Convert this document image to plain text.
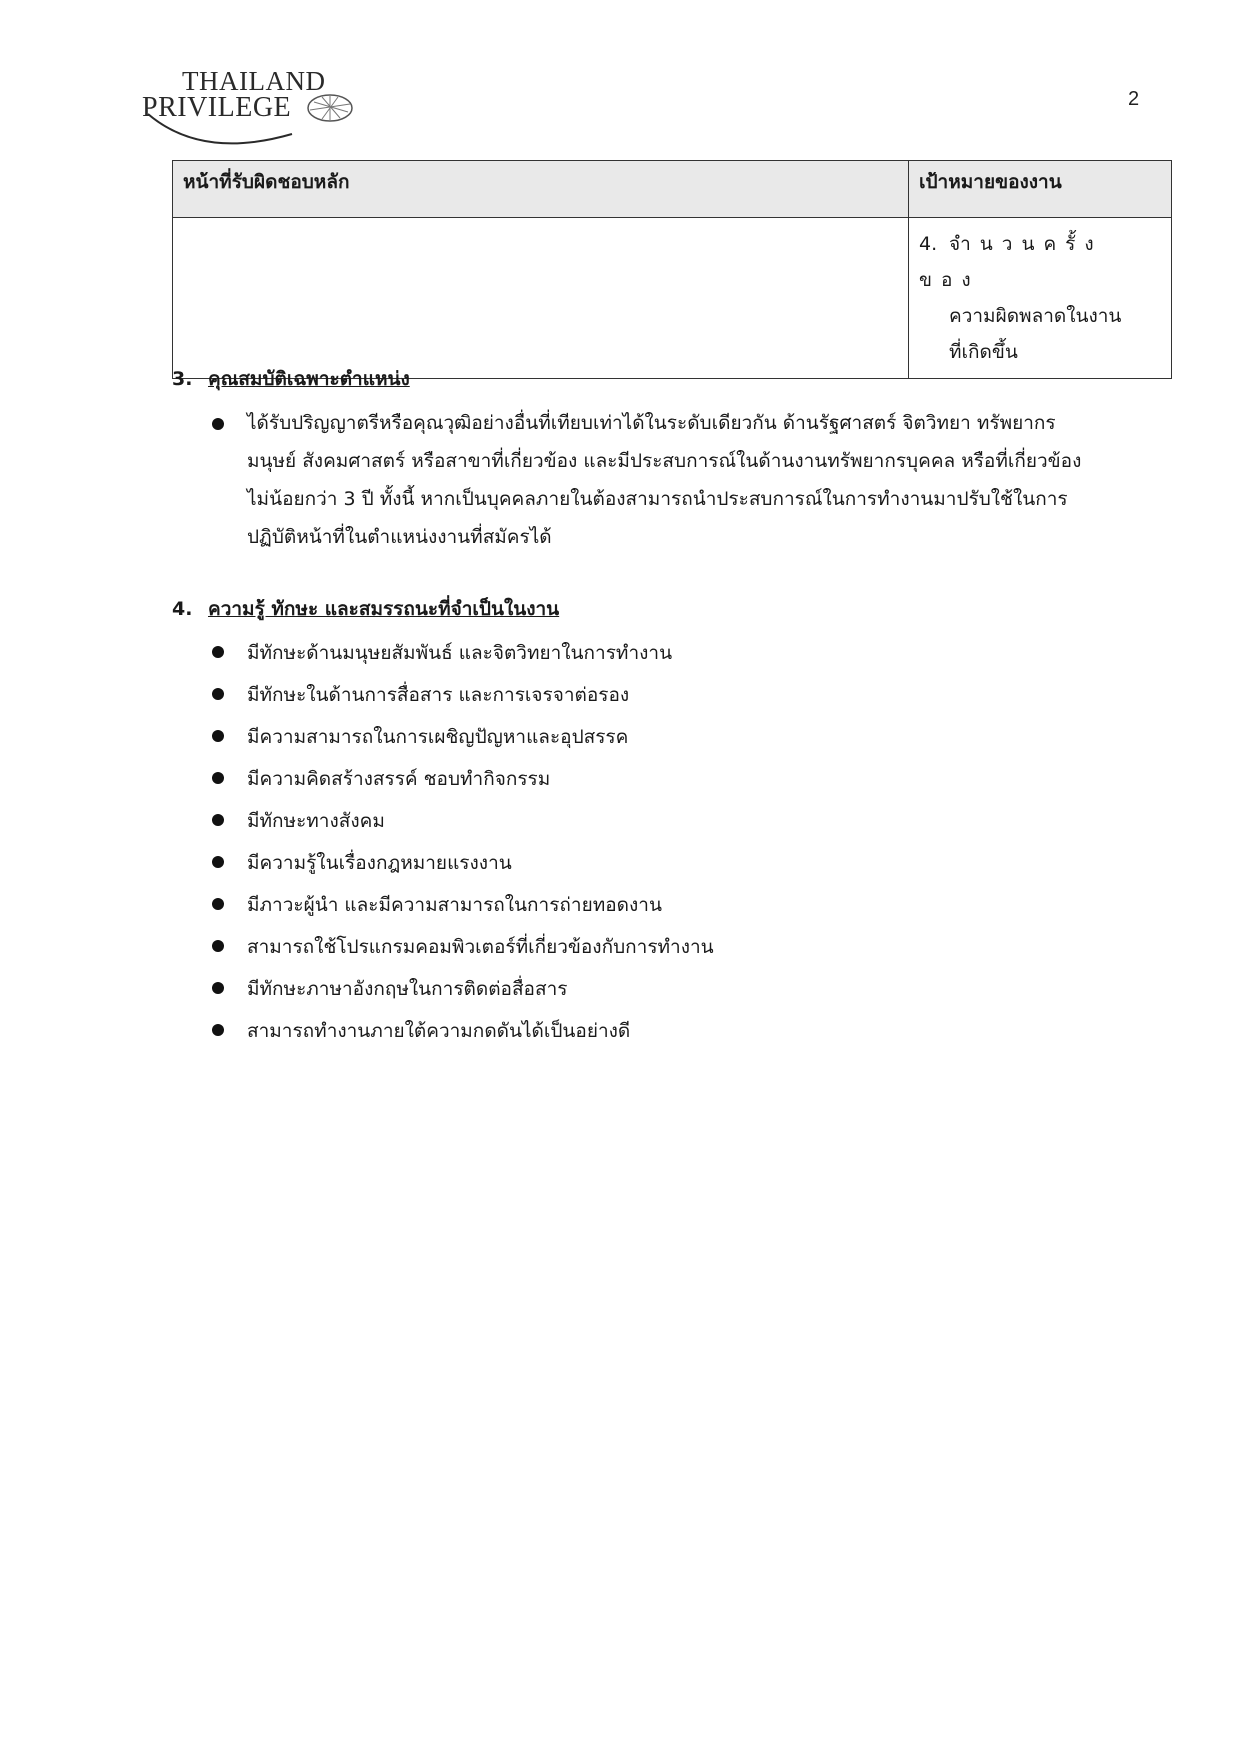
THAILAND
PRIVILEGE	2
หน้าที่รับผิดชอบหลัก	เป้าหมายของงาน

	4. จำนวนครั้งของ
ความผิดพลาดในงาน
ที่เกิดขึ้น
3. คุณสมบัติเฉพาะตำแหน่ง
ได้รับปริญญาตรีหรือคุณวุฒิอย่างอื่นที่เทียบเท่าได้ในระดับเดียวกัน ด้านรัฐศาสตร์ จิตวิทยา ทรัพยากร
มนุษย์ สังคมศาสตร์ หรือสาขาที่เกี่ยวข้อง และมีประสบการณ์ในด้านงานทรัพยากรบุคคล หรือที่เกี่ยวข้อง
ไม่น้อยกว่า 3 ปี ทั้งนี้ หากเป็นบุคคลภายในต้องสามารถนำประสบการณ์ในการทำงานมาปรับใช้ในการ
ปฏิบัติหน้าที่ในตำแหน่งงานที่สมัครได้
4. ความรู้ ทักษะ และสมรรถนะที่จำเป็นในงาน
มีทักษะด้านมนุษยสัมพันธ์ และจิตวิทยาในการทำงาน
มีทักษะในด้านการสื่อสาร และการเจรจาต่อรอง
มีความสามารถในการเผชิญปัญหาและอุปสรรค
มีความคิดสร้างสรรค์ ชอบทำกิจกรรม
มีทักษะทางสังคม
มีความรู้ในเรื่องกฎหมายแรงงาน
มีภาวะผู้นำ และมีความสามารถในการถ่ายทอดงาน
สามารถใช้โปรแกรมคอมพิวเตอร์ที่เกี่ยวข้องกับการทำงาน
มีทักษะภาษาอังกฤษในการติดต่อสื่อสาร
สามารถทำงานภายใต้ความกดดันได้เป็นอย่างดี
